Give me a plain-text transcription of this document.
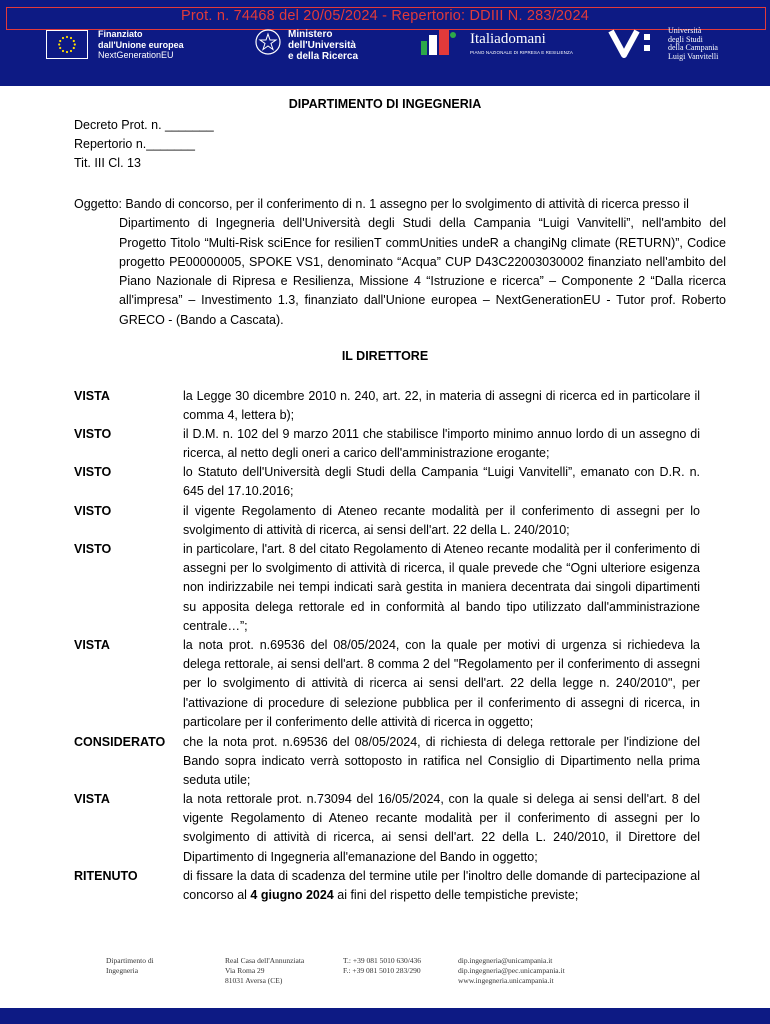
Prot. n. 74468 del 20/05/2024 - Repertorio: DDIII N. 283/2024
Finanziato
dall'Unione europea
NextGenerationEU
Ministero
dell'Università
e della Ricerca
Italiadomani
PIANO NAZIONALE DI RIPRESA E RESILIENZA
Università
degli Studi
della Campania
Luigi Vanvitelli
DIPARTIMENTO DI INGEGNERIA
Decreto Prot. n. _______
Repertorio n._______
Tit. III Cl. 13
Oggetto: Bando di concorso, per il conferimento di n. 1 assegno per lo svolgimento di attività di ricerca presso il
Dipartimento di Ingegneria dell'Università degli Studi della Campania “Luigi Vanvitelli”, nell'ambito del Progetto Titolo “Multi-Risk sciEnce for resilienT commUnities undeR a changiNg climate (RETURN)”, Codice progetto PE00000005, SPOKE VS1, denominato “Acqua” CUP D43C22003030002 finanziato nell'ambito del Piano Nazionale di Ripresa e Resilienza, Missione 4 “Istruzione e ricerca” – Componente 2 “Dalla ricerca all'impresa” – Investimento 1.3, finanziato dall'Unione europea – NextGenerationEU - Tutor prof. Roberto GRECO - (Bando a Cascata).
IL DIRETTORE
VISTA	la Legge 30 dicembre 2010 n. 240, art. 22, in materia di assegni di ricerca ed in particolare il comma 4, lettera b);
VISTO	il D.M. n. 102 del 9 marzo 2011 che stabilisce l'importo minimo annuo lordo di un assegno di ricerca, al netto degli oneri a carico dell'amministrazione erogante;
VISTO	lo Statuto dell'Università degli Studi della Campania “Luigi Vanvitelli”, emanato con D.R. n. 645 del 17.10.2016;
VISTO	il vigente Regolamento di Ateneo recante modalità per il conferimento di assegni per lo svolgimento di attività di ricerca, ai sensi dell'art. 22 della L. 240/2010;
VISTO	in particolare, l'art. 8 del citato Regolamento di Ateneo recante modalità per il conferimento di assegni per lo svolgimento di attività di ricerca, il quale prevede che “Ogni ulteriore esigenza non indirizzabile nei tempi indicati sarà gestita in maniera decentrata dai singoli dipartimenti su apposita delega rettorale ed in conformità al bando tipo utilizzato dall'amministrazione centrale…”;
VISTA	la nota prot. n.69536 del 08/05/2024, con la quale per motivi di urgenza si richiedeva la delega rettorale, ai sensi dell'art. 8 comma 2 del "Regolamento per il conferimento di assegni per lo svolgimento di attività di ricerca ai sensi dell'art. 22 della legge n. 240/2010", per l'attivazione di procedure di selezione pubblica per il conferimento di assegni di ricerca, in particolare per il conferimento delle attività di ricerca in oggetto;
CONSIDERATO che la nota prot. n.69536 del 08/05/2024, di richiesta di delega rettorale per l'indizione del Bando sopra indicato verrà sottoposto in ratifica nel Consiglio di Dipartimento nella prima seduta utile;
VISTA	la nota rettorale prot. n.73094 del 16/05/2024, con la quale si delega ai sensi dell'art. 8 del vigente Regolamento di Ateneo recante modalità per il conferimento di assegni per lo svolgimento di attività di ricerca, ai sensi dell'art. 22 della L. 240/2010, il Direttore del Dipartimento di Ingegneria all'emanazione del Bando in oggetto;
RITENUTO	di fissare la data di scadenza del termine utile per l'inoltro delle domande di partecipazione al concorso al 4 giugno 2024 ai fini del rispetto delle tempistiche previste;
Dipartimento di
Ingegneria
Real Casa dell'Annunziata
Via Roma 29
81031 Aversa (CE)
T.: +39 081 5010 630/436
F.: +39 081 5010 283/290
dip.ingegneria@unicampania.it
dip.ingegneria@pec.unicampania.it
www.ingegneria.unicampania.it
